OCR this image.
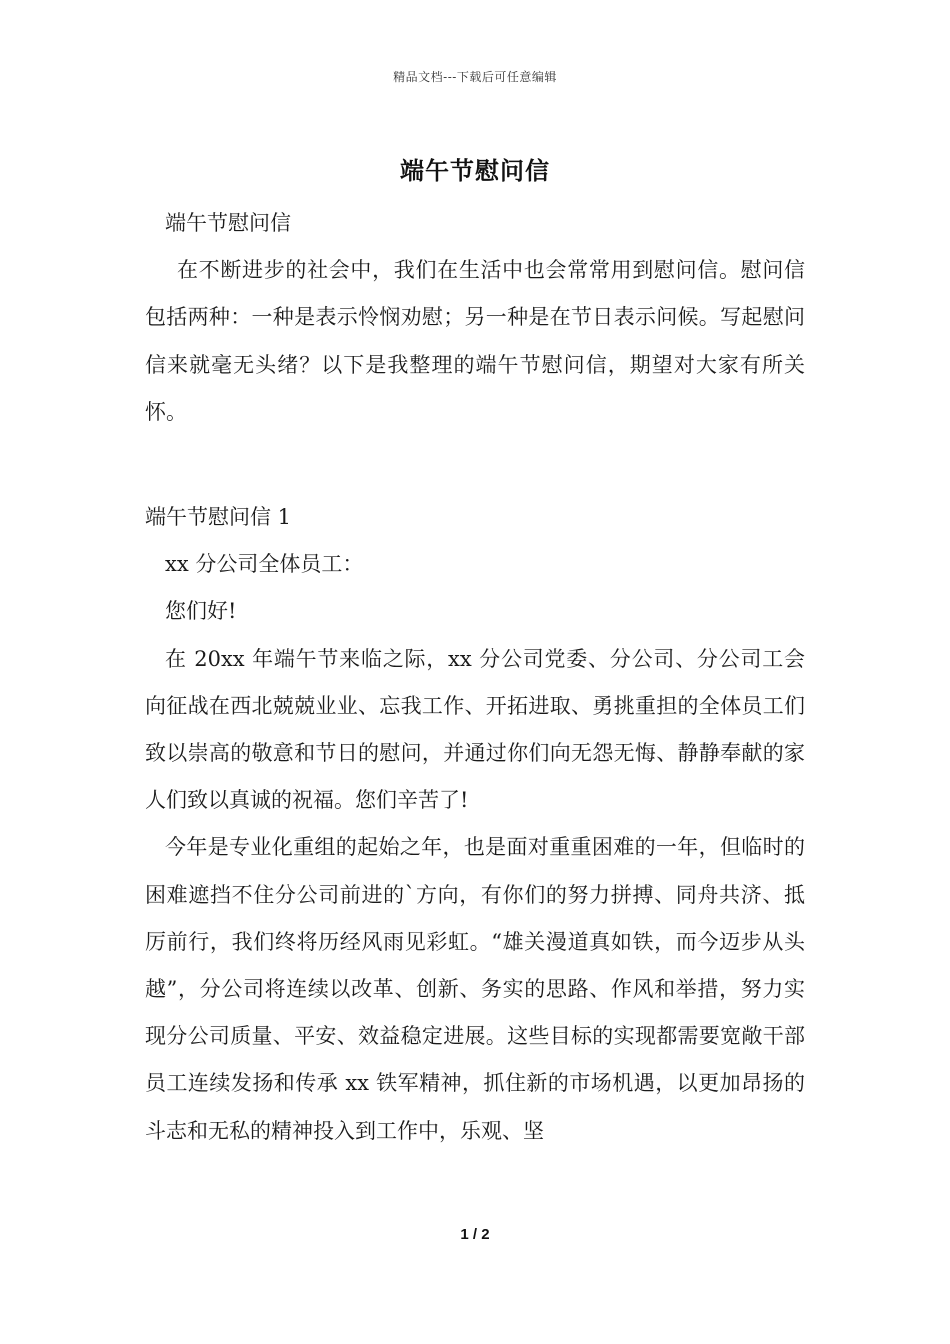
精品文档---下载后可任意编辑
端午节慰问信

端午节慰问信

在不断进步的社会中，我们在生活中也会常常用到慰问信。慰问信包括两种：一种是表示怜悯劝慰；另一种是在节日表示问候。写起慰问信来就毫无头绪？以下是我整理的端午节慰问信，期望对大家有所关怀。

端午节慰问信 1

xx 分公司全体员工：

您们好!

在 20xx 年端午节来临之际，xx 分公司党委、分公司、分公司工会向征战在西北兢兢业业、忘我工作、开拓进取、勇挑重担的全体员工们致以崇高的敬意和节日的慰问，并通过你们向无怨无悔、静静奉献的家人们致以真诚的祝福。您们辛苦了!

今年是专业化重组的起始之年，也是面对重重困难的一年，但临时的困难遮挡不住分公司前进的`方向，有你们的努力拼搏、同舟共济、抵厉前行，我们终将历经风雨见彩虹。“雄关漫道真如铁，而今迈步从头越”，分公司将连续以改革、创新、务实的思路、作风和举措，努力实现分公司质量、平安、效益稳定进展。这些目标的实现都需要宽敞干部员工连续发扬和传承 xx 铁军精神，抓住新的市场机遇，以更加昂扬的斗志和无私的精神投入到工作中，乐观、坚

1 / 2
